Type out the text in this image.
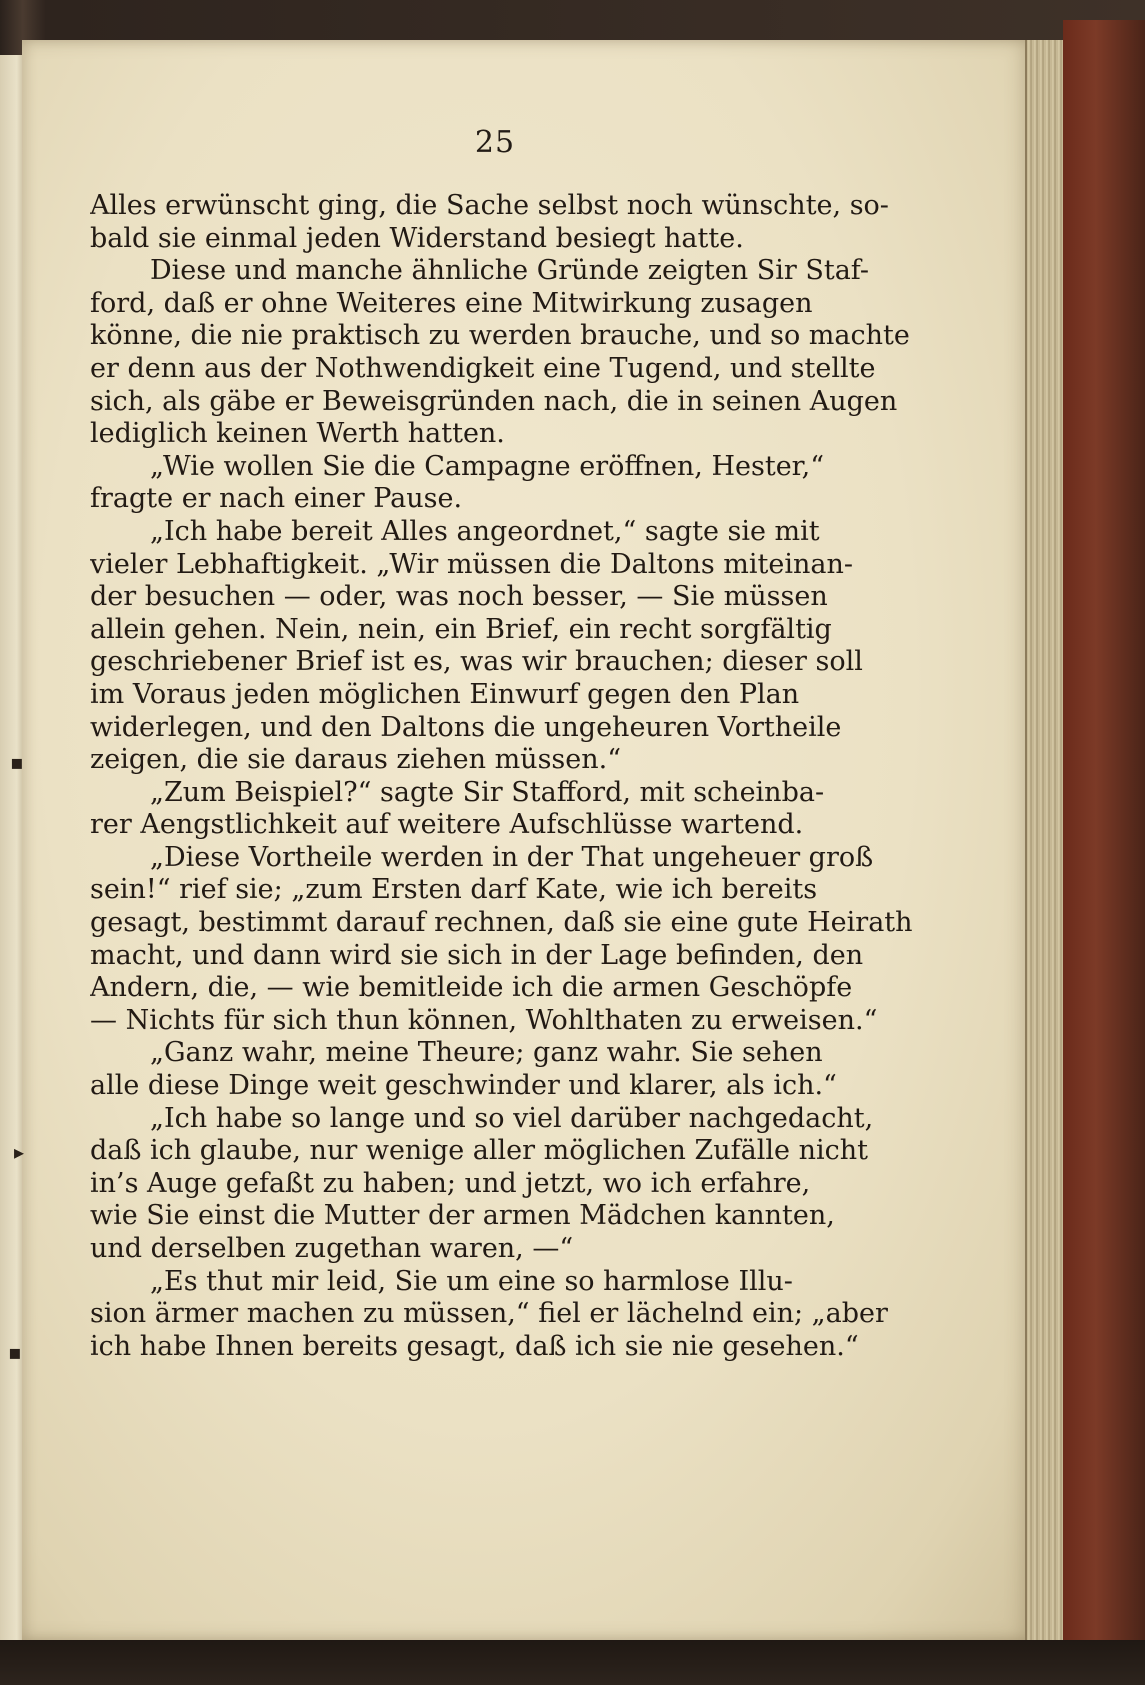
25
Alles erwünscht ging, die Sache selbst noch wünschte, so-
bald sie einmal jeden Widerstand besiegt hatte.
Diese und manche ähnliche Gründe zeigten Sir Staf-
ford, daß er ohne Weiteres eine Mitwirkung zusagen
könne, die nie praktisch zu werden brauche, und so machte
er denn aus der Nothwendigkeit eine Tugend, und stellte
sich, als gäbe er Beweisgründen nach, die in seinen Augen
lediglich keinen Werth hatten.
„Wie wollen Sie die Campagne eröffnen, Hester,“
fragte er nach einer Pause.
„Ich habe bereit Alles angeordnet,“ sagte sie mit
vieler Lebhaftigkeit. „Wir müssen die Daltons miteinan-
der besuchen — oder, was noch besser, — Sie müssen
allein gehen. Nein, nein, ein Brief, ein recht sorgfältig
geschriebener Brief ist es, was wir brauchen; dieser soll
im Voraus jeden möglichen Einwurf gegen den Plan
widerlegen, und den Daltons die ungeheuren Vortheile
zeigen, die sie daraus ziehen müssen.“
„Zum Beispiel?“ sagte Sir Stafford, mit scheinba-
rer Aengstlichkeit auf weitere Aufschlüsse wartend.
„Diese Vortheile werden in der That ungeheuer groß
sein!“ rief sie; „zum Ersten darf Kate, wie ich bereits
gesagt, bestimmt darauf rechnen, daß sie eine gute Heirath
macht, und dann wird sie sich in der Lage befinden, den
Andern, die, — wie bemitleide ich die armen Geschöpfe
— Nichts für sich thun können, Wohlthaten zu erweisen.“
„Ganz wahr, meine Theure; ganz wahr. Sie sehen
alle diese Dinge weit geschwinder und klarer, als ich.“
„Ich habe so lange und so viel darüber nachgedacht,
daß ich glaube, nur wenige aller möglichen Zufälle nicht
in’s Auge gefaßt zu haben; und jetzt, wo ich erfahre,
wie Sie einst die Mutter der armen Mädchen kannten,
und derselben zugethan waren, —“
„Es thut mir leid, Sie um eine so harmlose Illu-
sion ärmer machen zu müssen,“ fiel er lächelnd ein; „aber
ich habe Ihnen bereits gesagt, daß ich sie nie gesehen.“
▪
▸
▪
